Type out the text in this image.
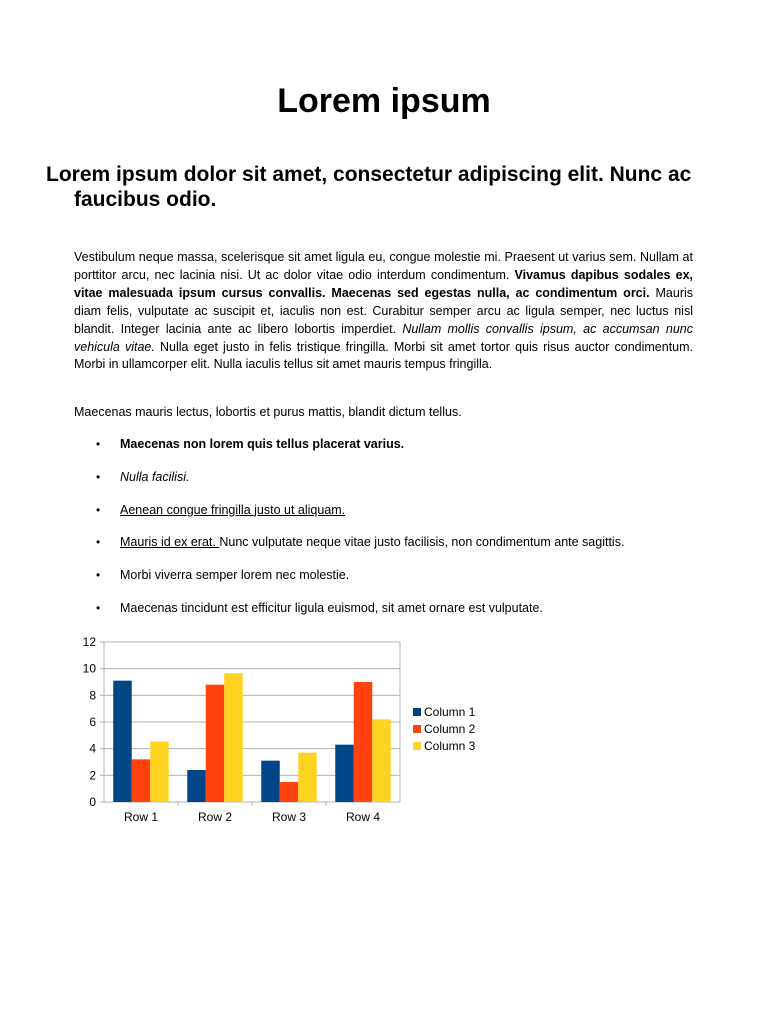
Lorem ipsum
Lorem ipsum dolor sit amet, consectetur adipiscing elit. Nunc ac faucibus odio.

Vestibulum neque massa, scelerisque sit amet ligula eu, congue molestie mi. Praesent ut varius sem. Nullam at porttitor arcu, nec lacinia nisi. Ut ac dolor vitae odio interdum condimentum. Vivamus dapibus sodales ex, vitae malesuada ipsum cursus convallis. Maecenas sed egestas nulla, ac condimentum orci. Mauris diam felis, vulputate ac suscipit et, iaculis non est. Curabitur semper arcu ac ligula semper, nec luctus nisl blandit. Integer lacinia ante ac libero lobortis imperdiet. Nullam mollis convallis ipsum, ac accumsan nunc vehicula vitae. Nulla eget justo in felis tristique fringilla. Morbi sit amet tortor quis risus auctor condimentum. Morbi in ullamcorper elit. Nulla iaculis tellus sit amet mauris tempus fringilla.

Maecenas mauris lectus, lobortis et purus mattis, blandit dictum tellus.

• Maecenas non lorem quis tellus placerat varius.
• Nulla facilisi.
• Aenean congue fringilla justo ut aliquam.
• Mauris id ex erat. Nunc vulputate neque vitae justo facilisis, non condimentum ante sagittis.
• Morbi viverra semper lorem nec molestie.
• Maecenas tincidunt est efficitur ligula euismod, sit amet ornare est vulputate.
0
2
4
6
8
10
12
Row 1	Row 2	Row 3	Row 4
Column 1
Column 2
Column 3
